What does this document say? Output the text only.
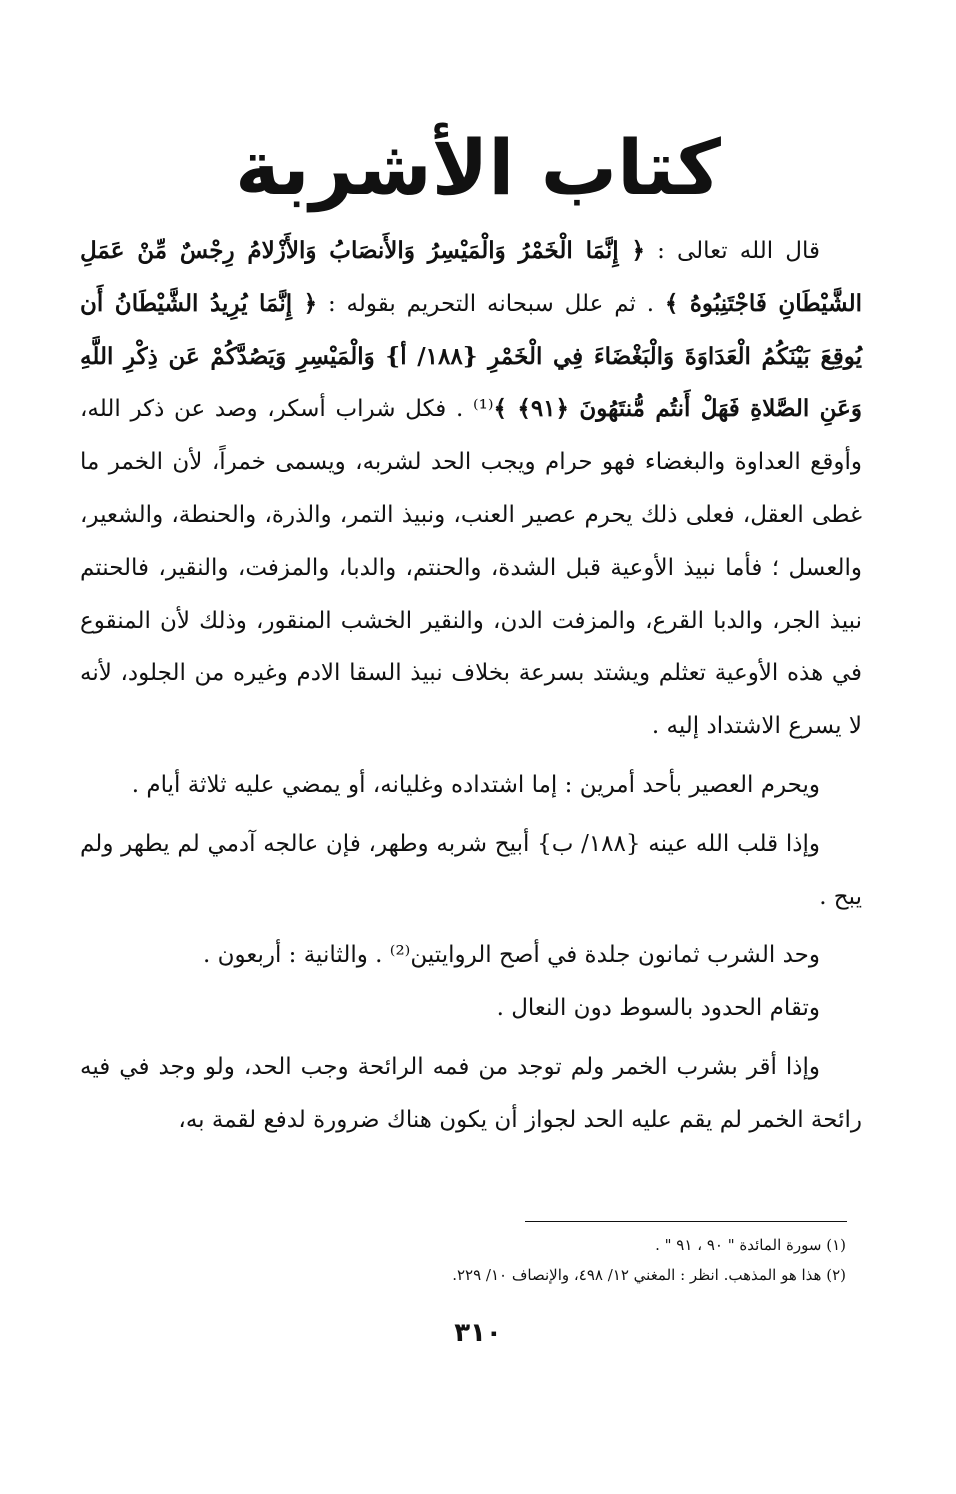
كتاب الأشربة

قال الله تعالى : ﴿ إِنَّمَا الْخَمْرُ وَالْمَيْسِرُ وَالأَنصَابُ وَالأَزْلامُ رِجْسٌ مِّنْ عَمَلِ الشَّيْطَانِ فَاجْتَنِبُوهُ ﴾ . ثم علل سبحانه التحريم بقوله : ﴿ إِنَّمَا يُرِيدُ الشَّيْطَانُ أَن يُوقِعَ بَيْنَكُمُ الْعَدَاوَةَ وَالْبَغْضَاءَ فِي الْخَمْرِ {١٨٨/ أ} وَالْمَيْسِرِ وَيَصُدَّكُمْ عَن ذِكْرِ اللَّهِ وَعَنِ الصَّلاةِ فَهَلْ أَنتُم مُّنتَهُونَ ﴿٩١﴾ ﴾⁽¹⁾ . فكل شراب أسكر، وصد عن ذكر الله، وأوقع العداوة والبغضاء فهو حرام ويجب الحد لشربه، ويسمى خمراً، لأن الخمر ما غطى العقل، فعلى ذلك يحرم عصير العنب، ونبيذ التمر، والذرة، والحنطة، والشعير، والعسل ؛ فأما نبيذ الأوعية قبل الشدة، والحنتم، والدبا، والمزفت، والنقير، فالحنتم نبيذ الجر، والدبا القرع، والمزفت الدن، والنقير الخشب المنقور، وذلك لأن المنقوع في هذه الأوعية تعثلم ويشتد بسرعة بخلاف نبيذ السقا الادم وغيره من الجلود، لأنه لا يسرع الاشتداد إليه .

ويحرم العصير بأحد أمرين : إما اشتداده وغليانه، أو يمضي عليه ثلاثة أيام .

وإذا قلب الله عينه {١٨٨/ ب} أبيح شربه وطهر، فإن عالجه آدمي لم يطهر ولم يبح .

وحد الشرب ثمانون جلدة في أصح الروايتين⁽²⁾ . والثانية : أربعون .

وتقام الحدود بالسوط دون النعال .

وإذا أقر بشرب الخمر ولم توجد من فمه الرائحة وجب الحد، ولو وجد في فيه رائحة الخمر لم يقم عليه الحد لجواز أن يكون هناك ضرورة لدفع لقمة به،

(١) سورة المائدة " ٩٠ ، ٩١ " .

(٢) هذا هو المذهب. انظر : المغني ١٢/ ٤٩٨، والإنصاف ١٠/ ٢٢٩.

٣١٠
